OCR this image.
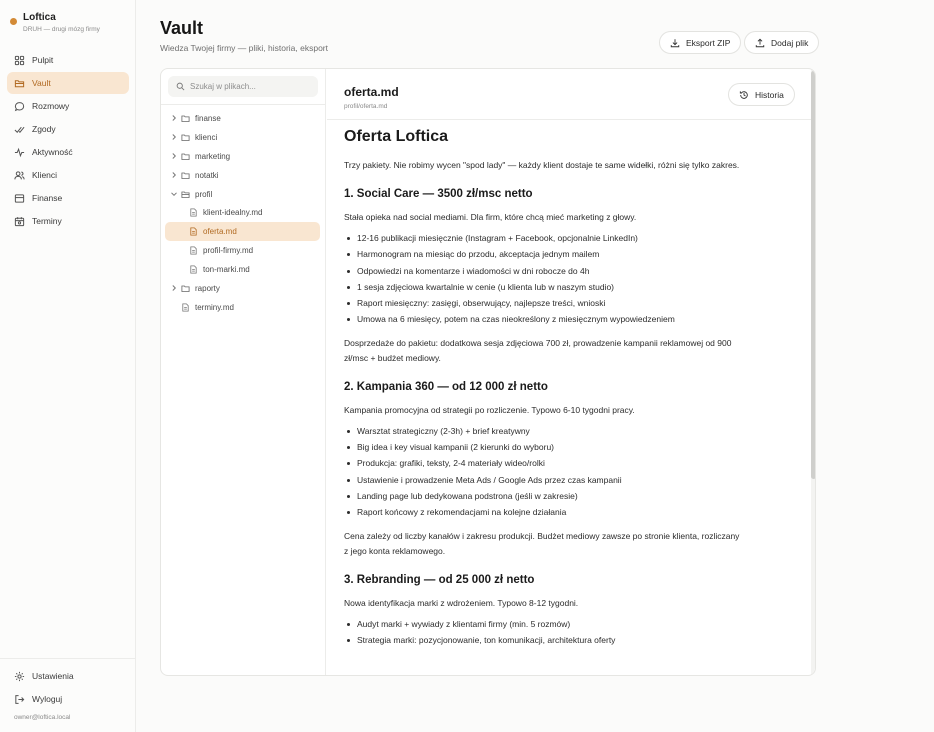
Loftica
DRUH — drugi mózg firmy
Pulpit
Vault
Rozmowy
Zgody
Aktywność
Klienci
Finanse
Terminy
Ustawienia
Wyloguj
owner@loftica.local
Vault
Wiedza Twojej firmy — pliki, historia, eksport
Eksport ZIP	Dodaj plik
Szukaj w plikach...
finanse
klienci
marketing
notatki
profil
klient-idealny.md
oferta.md
profil-firmy.md
ton-marki.md
raporty
terminy.md
oferta.md
profil/oferta.md
Historia
Oferta Loftica
Trzy pakiety. Nie robimy wycen "spod lady" — każdy klient dostaje te same widełki, różni się tylko zakres.
1. Social Care — 3500 zł/msc netto
Stała opieka nad social mediami. Dla firm, które chcą mieć marketing z głowy.
12-16 publikacji miesięcznie (Instagram + Facebook, opcjonalnie LinkedIn)
Harmonogram na miesiąc do przodu, akceptacja jednym mailem
Odpowiedzi na komentarze i wiadomości w dni robocze do 4h
1 sesja zdjęciowa kwartalnie w cenie (u klienta lub w naszym studio)
Raport miesięczny: zasięgi, obserwujący, najlepsze treści, wnioski
Umowa na 6 miesięcy, potem na czas nieokreślony z miesięcznym wypowiedzeniem
Dosprzedaże do pakietu: dodatkowa sesja zdjęciowa 700 zł, prowadzenie kampanii reklamowej od 900 zł/msc + budżet mediowy.
2. Kampania 360 — od 12 000 zł netto
Kampania promocyjna od strategii po rozliczenie. Typowo 6-10 tygodni pracy.
Warsztat strategiczny (2-3h) + brief kreatywny
Big idea i key visual kampanii (2 kierunki do wyboru)
Produkcja: grafiki, teksty, 2-4 materiały wideo/rolki
Ustawienie i prowadzenie Meta Ads / Google Ads przez czas kampanii
Landing page lub dedykowana podstrona (jeśli w zakresie)
Raport końcowy z rekomendacjami na kolejne działania
Cena zależy od liczby kanałów i zakresu produkcji. Budżet mediowy zawsze po stronie klienta, rozliczany z jego konta reklamowego.
3. Rebranding — od 25 000 zł netto
Nowa identyfikacja marki z wdrożeniem. Typowo 8-12 tygodni.
Audyt marki + wywiady z klientami firmy (min. 5 rozmów)
Strategia marki: pozycjonowanie, ton komunikacji, architektura oferty
